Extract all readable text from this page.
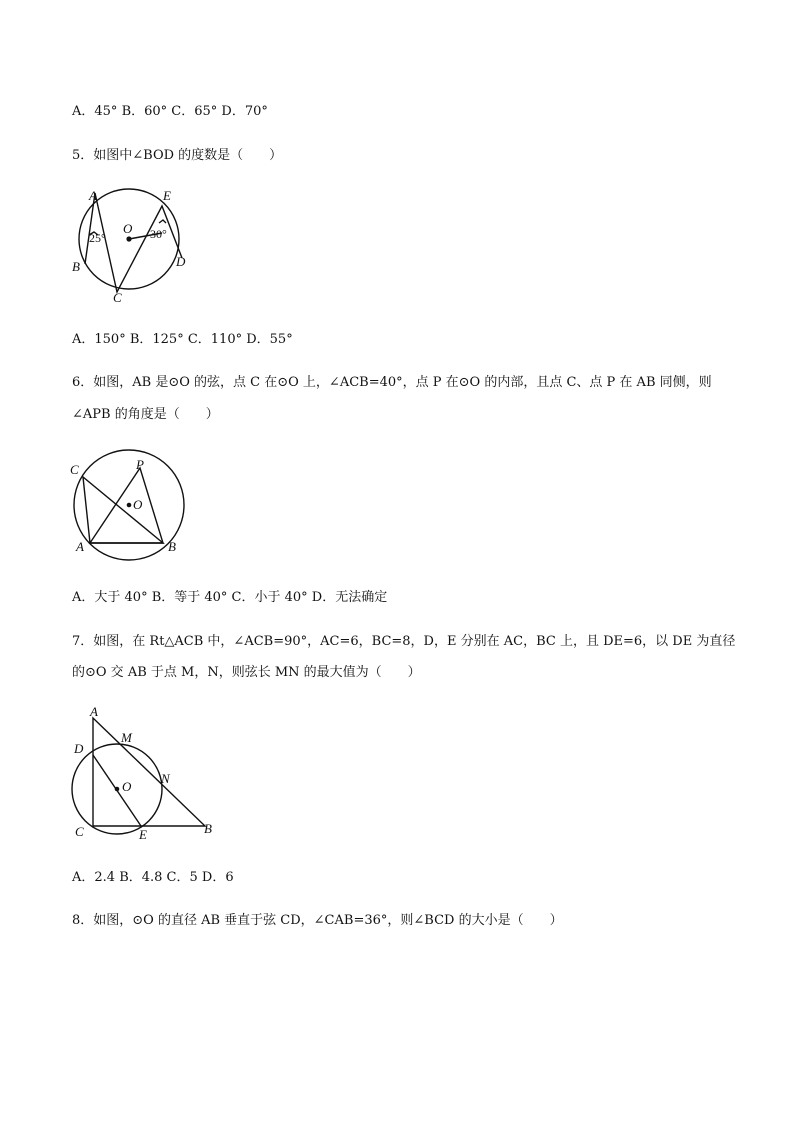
A．45° B．60° C．65° D．70°
5．如图中∠BOD 的度数是（　　）
A	E
O
B
C
D
25°	30°
A．150° B．125° C．110° D．55°
6．如图，AB 是⊙O 的弦，点 C 在⊙O 上，∠ACB=40°，点 P 在⊙O 的内部，且点 C、点 P 在 AB 同侧，则
∠APB 的角度是（　　）
C	P
O
A	B
A．大于 40° B．等于 40° C．小于 40° D．无法确定
7．如图，在 Rt△ACB 中，∠ACB=90°，AC=6，BC=8，D，E 分别在 AC，BC 上，且 DE=6，以 DE 为直径
的⊙O 交 AB 于点 M，N，则弦长 MN 的最大值为（　　）
A
M
D
N
O
C	E	B
A．2.4 B．4.8 C．5 D．6
8．如图，⊙O 的直径 AB 垂直于弦 CD，∠CAB=36°，则∠BCD 的大小是（　　）
